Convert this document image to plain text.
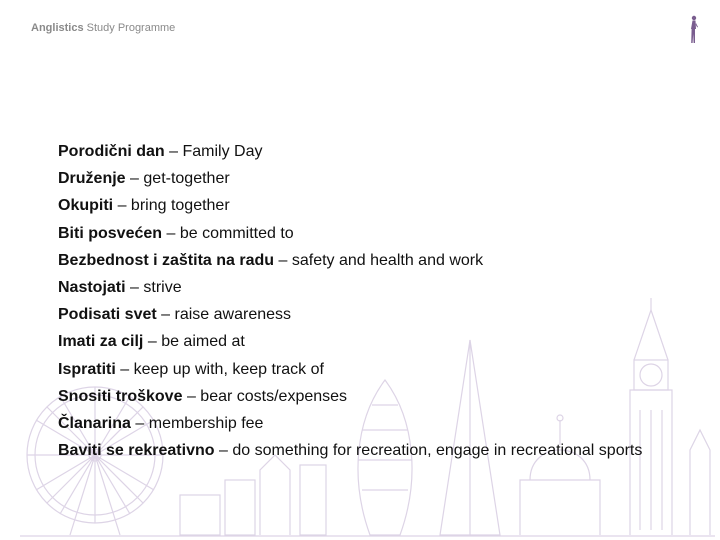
Anglistics Study Programme
Porodični dan – Family Day
Druženje – get-together
Okupiti – bring together
Biti posvećen – be committed to
Bezbednost i zaštita na radu – safety and health and work
Nastojati – strive
Podisati svet – raise awareness
Imati za cilj – be aimed at
Ispratiti – keep up with, keep track of
Snositi troškove – bear costs/expenses
Članarina – membership fee
Baviti se rekreativno – do something for recreation, engage in recreational sports
